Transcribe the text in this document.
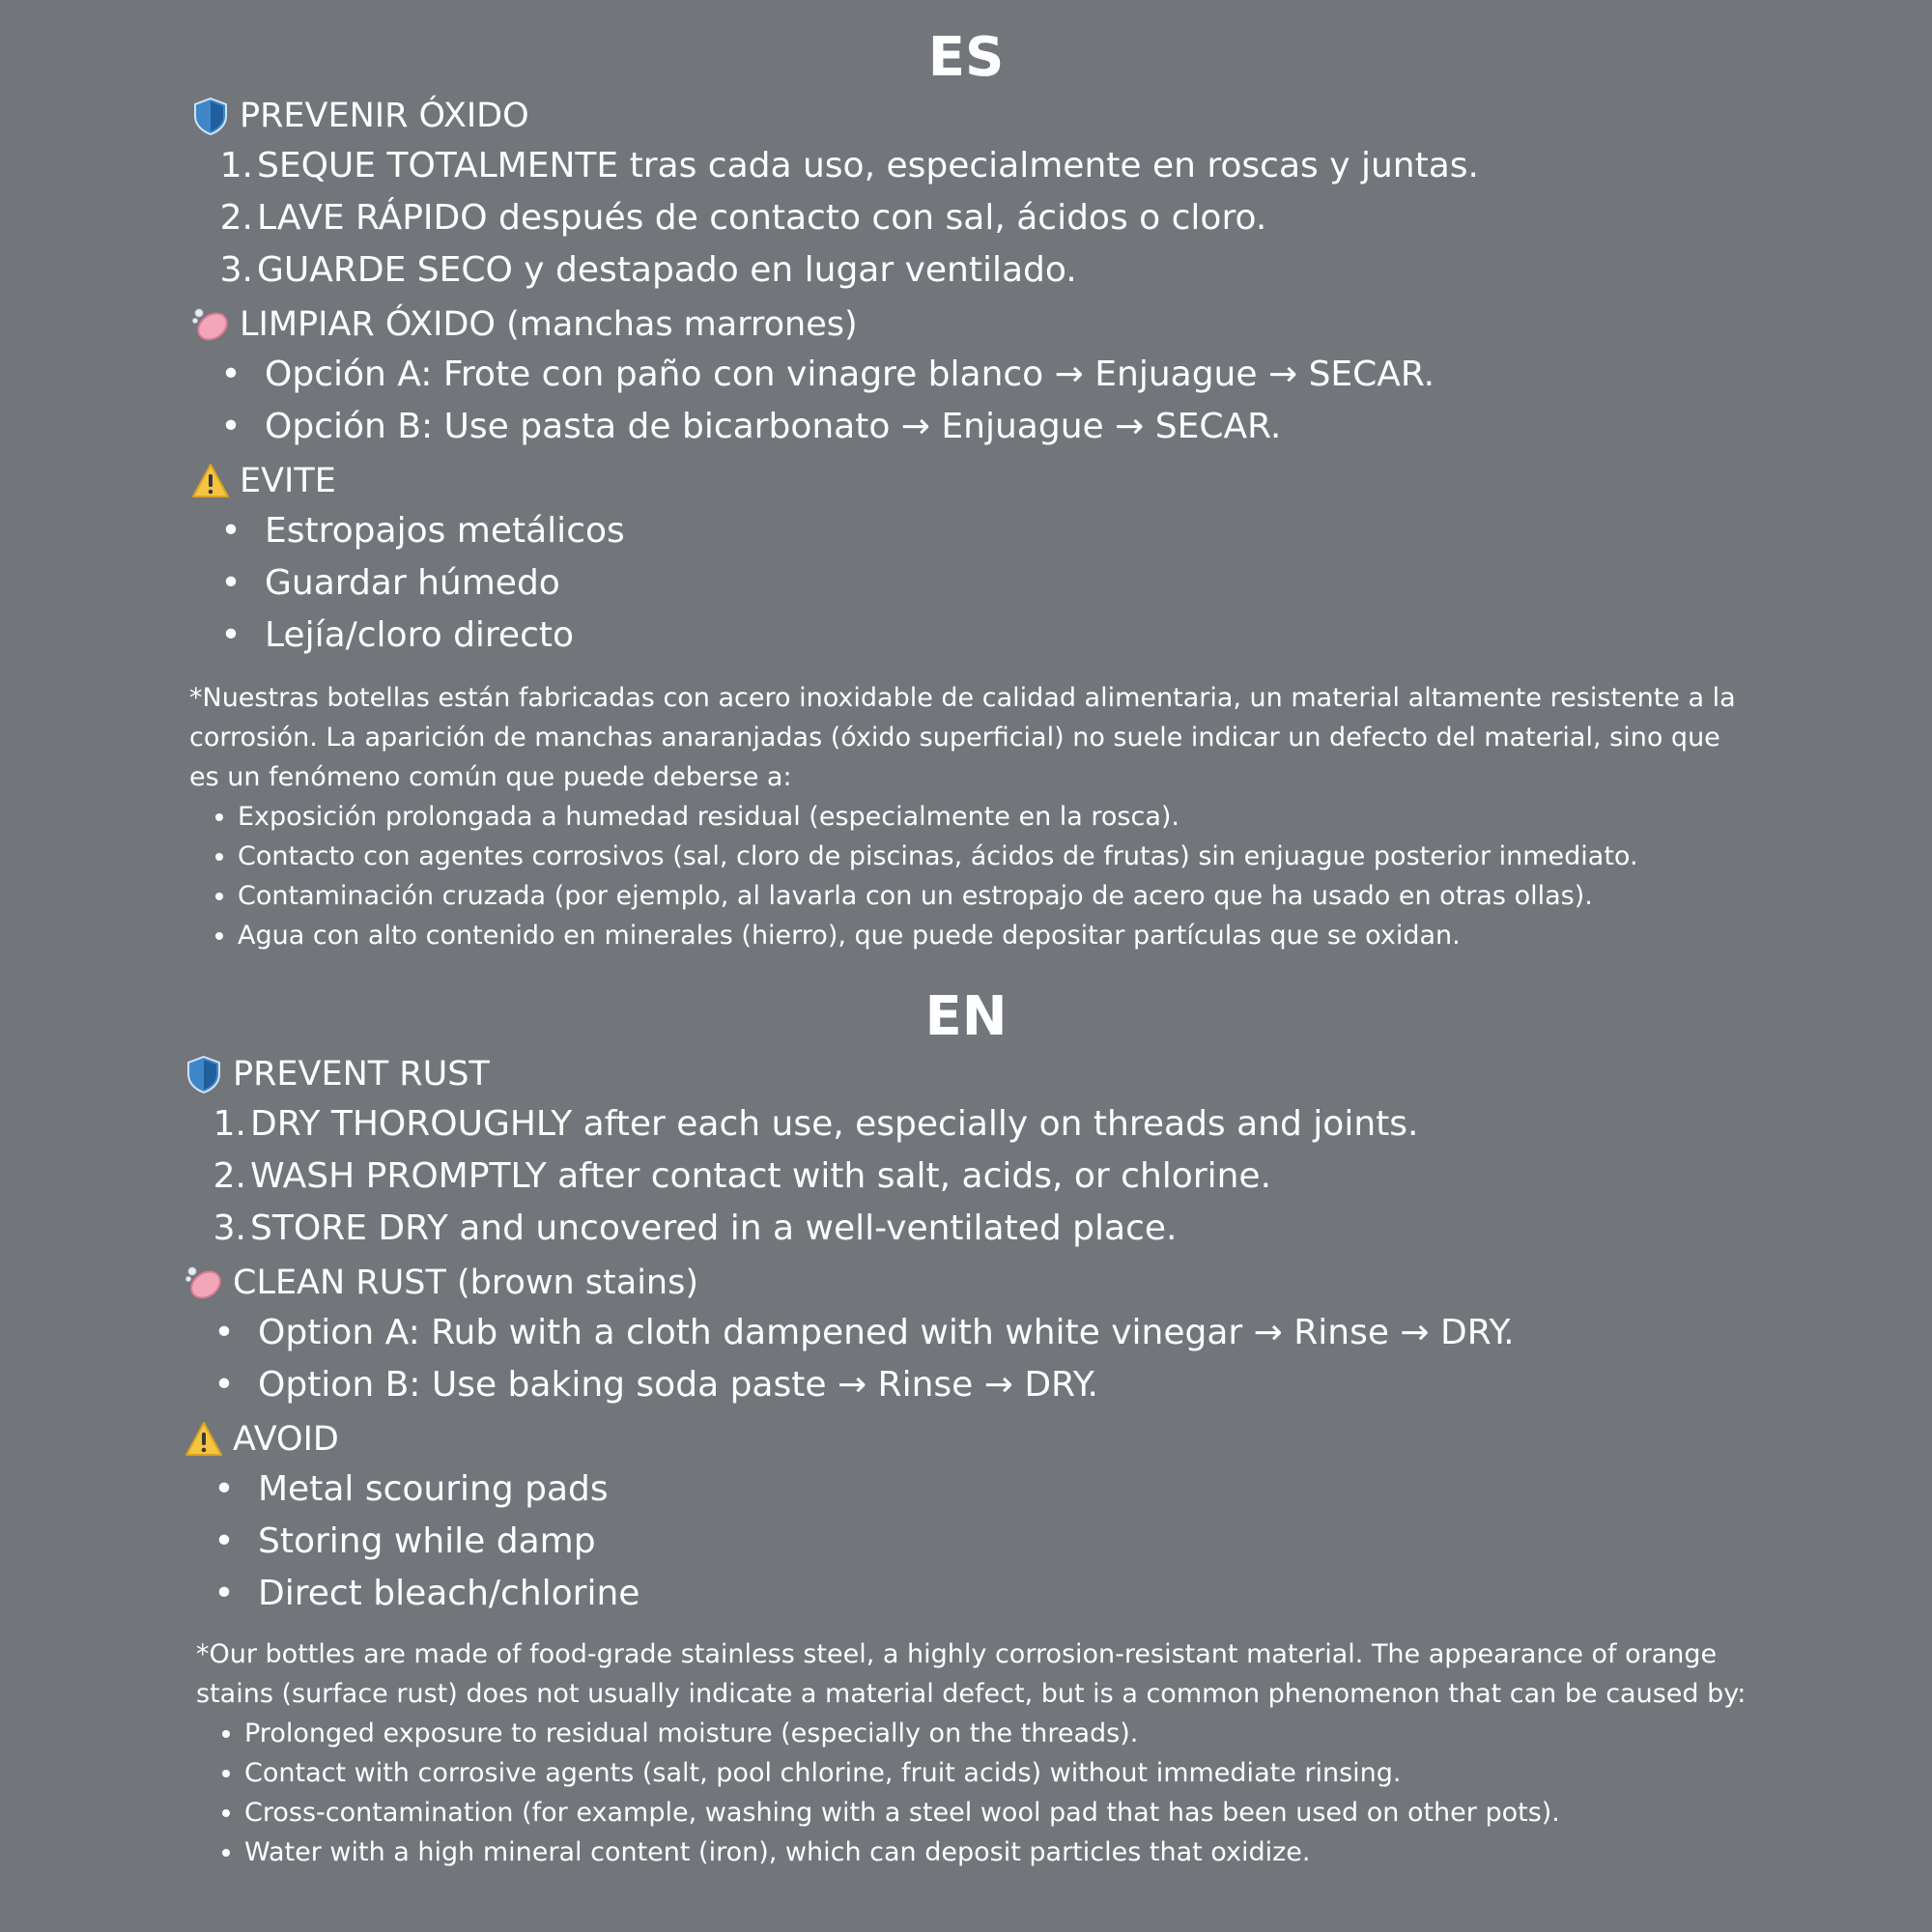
ES
PREVENIR ÓXIDO
1. SEQUE TOTALMENTE tras cada uso, especialmente en roscas y juntas.
2. LAVE RÁPIDO después de contacto con sal, ácidos o cloro.
3. GUARDE SECO y destapado en lugar ventilado.
LIMPIAR ÓXIDO (manchas marrones)
• Opción A: Frote con paño con vinagre blanco → Enjuague → SECAR.
• Opción B: Use pasta de bicarbonato → Enjuague → SECAR.
EVITE
• Estropajos metálicos
• Guardar húmedo
• Lejía/cloro directo
*Nuestras botellas están fabricadas con acero inoxidable de calidad alimentaria, un material altamente resistente a la corrosión. La aparición de manchas anaranjadas (óxido superficial) no suele indicar un defecto del material, sino que es un fenómeno común que puede deberse a:
• Exposición prolongada a humedad residual (especialmente en la rosca).
• Contacto con agentes corrosivos (sal, cloro de piscinas, ácidos de frutas) sin enjuague posterior inmediato.
• Contaminación cruzada (por ejemplo, al lavarla con un estropajo de acero que ha usado en otras ollas).
• Agua con alto contenido en minerales (hierro), que puede depositar partículas que se oxidan.
EN
PREVENT RUST
1. DRY THOROUGHLY after each use, especially on threads and joints.
2. WASH PROMPTLY after contact with salt, acids, or chlorine.
3. STORE DRY and uncovered in a well-ventilated place.
CLEAN RUST (brown stains)
• Option A: Rub with a cloth dampened with white vinegar → Rinse → DRY.
• Option B: Use baking soda paste → Rinse → DRY.
AVOID
• Metal scouring pads
• Storing while damp
• Direct bleach/chlorine
*Our bottles are made of food-grade stainless steel, a highly corrosion-resistant material. The appearance of orange stains (surface rust) does not usually indicate a material defect, but is a common phenomenon that can be caused by:
• Prolonged exposure to residual moisture (especially on the threads).
• Contact with corrosive agents (salt, pool chlorine, fruit acids) without immediate rinsing.
• Cross-contamination (for example, washing with a steel wool pad that has been used on other pots).
• Water with a high mineral content (iron), which can deposit particles that oxidize.
